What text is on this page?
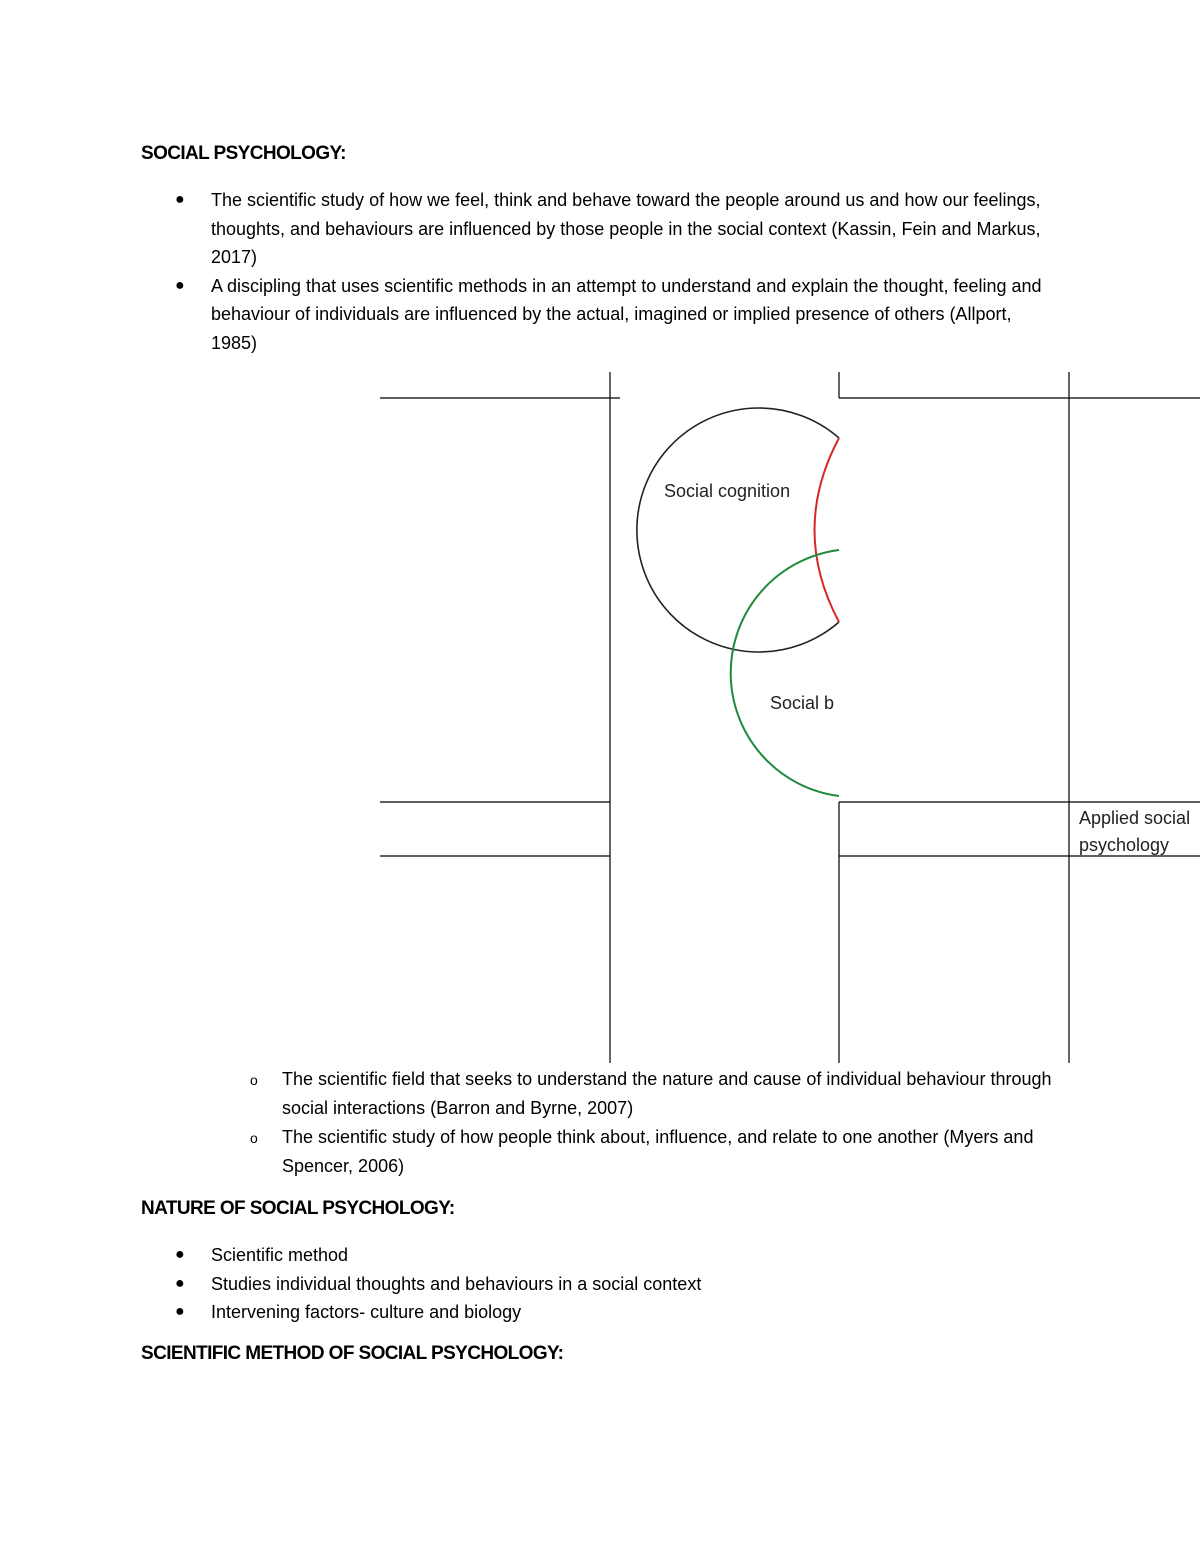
SOCIAL PSYCHOLOGY:
● The scientific study of how we feel, think and behave toward the people around us and how our feelings, thoughts, and behaviours are influenced by those people in the social context (Kassin, Fein and Markus, 2017)
● A discipling that uses scientific methods in an attempt to understand and explain the thought, feeling and behaviour of individuals are influenced by the actual, imagined or implied presence of others (Allport, 1985)
Social cognition
Social b
Applied social
psychology
o The scientific field that seeks to understand the nature and cause of individual behaviour through social interactions (Barron and Byrne, 2007)
o The scientific study of how people think about, influence, and relate to one another (Myers and Spencer, 2006)
NATURE OF SOCIAL PSYCHOLOGY:
● Scientific method
● Studies individual thoughts and behaviours in a social context
● Intervening factors- culture and biology
SCIENTIFIC METHOD OF SOCIAL PSYCHOLOGY:
